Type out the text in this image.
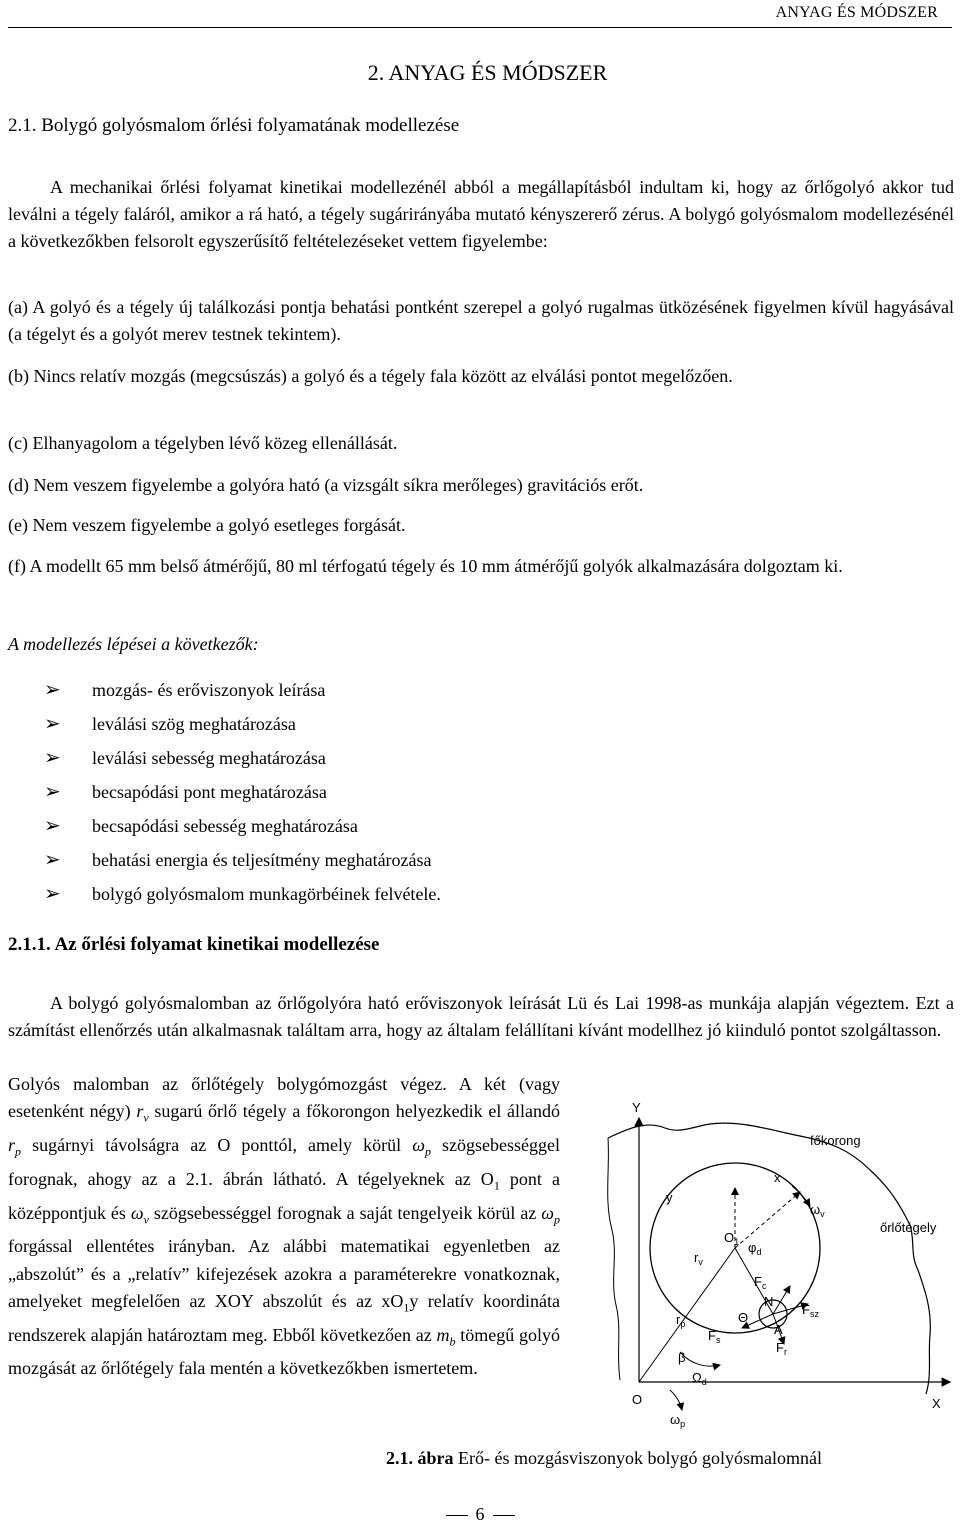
ANYAG ÉS MÓDSZER
2. ANYAG ÉS MÓDSZER
2.1. Bolygó golyósmalom őrlési folyamatának modellezése

A mechanikai őrlési folyamat kinetikai modellezénél abból a megállapításból indultam ki, hogy az őrlőgolyó akkor tud leválni a tégely faláról, amikor a rá ható, a tégely sugárirányába mutató kényszererő zérus. A bolygó golyósmalom modellezésénél a következőkben felsorolt egyszerűsítő feltételezéseket vettem figyelembe:

(a) A golyó és a tégely új találkozási pontja behatási pontként szerepel a golyó rugalmas ütközésének figyelmen kívül hagyásával (a tégelyt és a golyót merev testnek tekintem).

(b) Nincs relatív mozgás (megcsúszás) a golyó és a tégely fala között az elválási pontot megelőzően.

(c) Elhanyagolom a tégelyben lévő közeg ellenállását.

(d) Nem veszem figyelembe a golyóra ható (a vizsgált síkra merőleges) gravitációs erőt.

(e) Nem veszem figyelembe a golyó esetleges forgását.

(f) A modellt 65 mm belső átmérőjű, 80 ml térfogatú tégely és 10 mm átmérőjű golyók alkalmazására dolgoztam ki.

A modellezés lépései a következők:
➢	mozgás- és erőviszonyok leírása
➢	leválási szög meghatározása
➢	leválási sebesség meghatározása
➢	becsapódási pont meghatározása
➢	becsapódási sebesség meghatározása
➢	behatási energia és teljesítmény meghatározása
➢	bolygó golyósmalom munkagörbéinek felvétele.
2.1.1. Az őrlési folyamat kinetikai modellezése

A bolygó golyósmalomban az őrlőgolyóra ható erőviszonyok leírását Lü és Lai 1998-as munkája alapján végeztem. Ezt a számítást ellenőrzés után alkalmasnak találtam arra, hogy az általam felállítani kívánt modellhez jó kiinduló pontot szolgáltasson.

Golyós malomban az őrlőtégely bolygómozgást végez. A két (vagy esetenként négy) $r_v$ sugarú őrlő tégely a főkorongon helyezkedik el állandó $r_p$ sugárnyi távolságra az O ponttól, amely körül $\omega_p$ szögsebességgel forognak, ahogy az a 2.1. ábrán látható. A tégelyeknek az $O_1$ pont a középpontjuk és $\omega_v$ szögsebességgel forognak a saját tengelyeik körül az $\omega_p$ forgással ellentétes irányban. Az alábbi matematikai egyenletben az „abszolút” és a „relatív” kifejezések azokra a paraméterekre vonatkoznak, amelyeket megfelelően az XOY abszolút és az $xO_1y$ relatív koordináta rendszerek alapján határoztam meg. Ebből következően az $m_b$ tömegű golyó mozgását az őrlőtégely fala mentén a következőkben ismertetem.
Y
X
O
y
x
főkorong
őrlőtégely
$O_1$
$r_v$
$r_p$
$\varphi_d$
$\omega_v$
$\omega_p$
$\Omega_d$
β
Θ
$F_c$
$F_s$
$F_{sz}$
$F_r$
N
A
2.1. ábra Erő- és mozgásviszonyok bolygó golyósmalomnál
6
